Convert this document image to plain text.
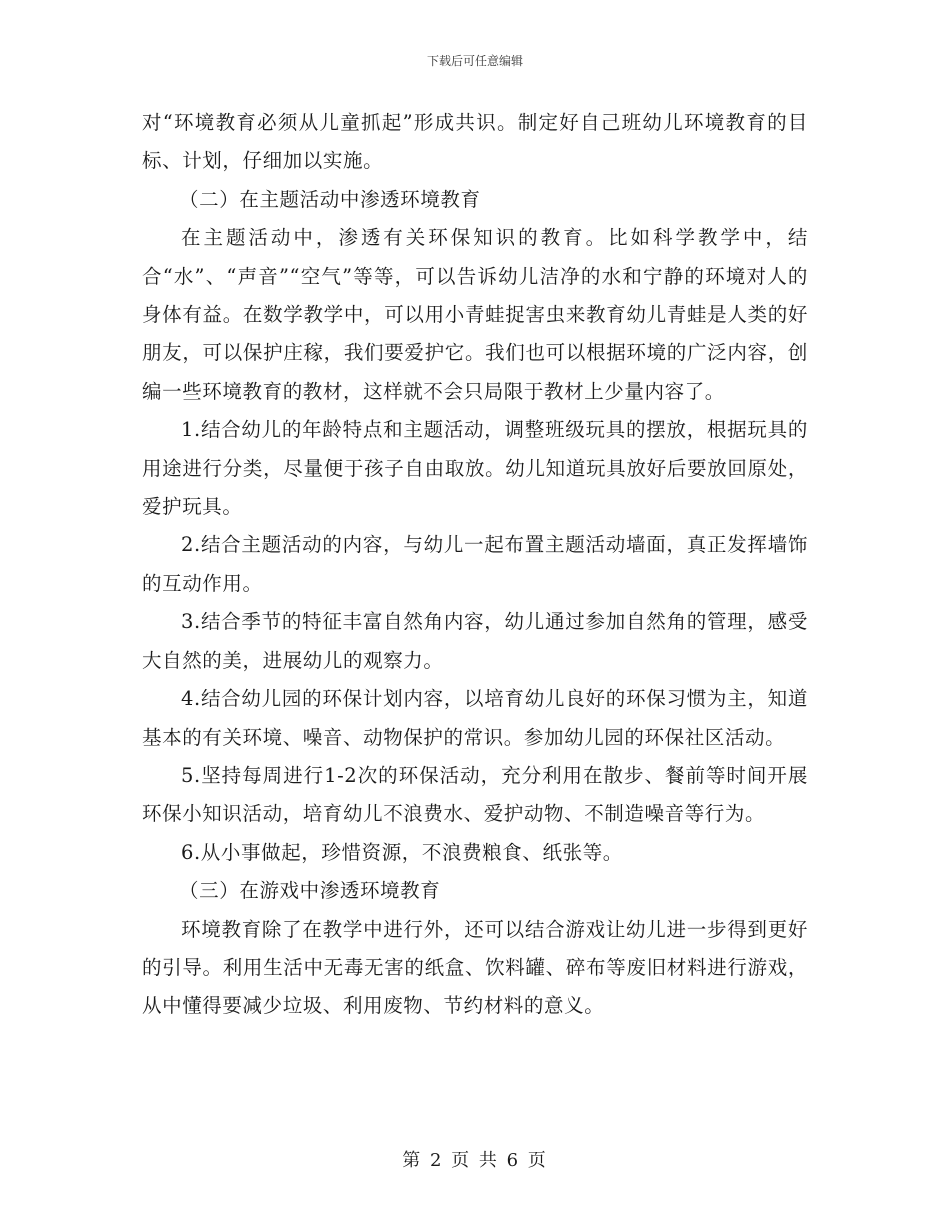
下载后可任意编辑

对“环境教育必须从儿童抓起”形成共识。制定好自己班幼儿环境教育的目标、计划，仔细加以实施。

（二）在主题活动中渗透环境教育

在主题活动中，渗透有关环保知识的教育。比如科学教学中，结合“水”、“声音”“空气”等等，可以告诉幼儿洁净的水和宁静的环境对人的身体有益。在数学教学中，可以用小青蛙捉害虫来教育幼儿青蛙是人类的好朋友，可以保护庄稼，我们要爱护它。我们也可以根据环境的广泛内容，创编一些环境教育的教材，这样就不会只局限于教材上少量内容了。

1.结合幼儿的年龄特点和主题活动，调整班级玩具的摆放，根据玩具的用途进行分类，尽量便于孩子自由取放。幼儿知道玩具放好后要放回原处，爱护玩具。

2.结合主题活动的内容，与幼儿一起布置主题活动墙面，真正发挥墙饰的互动作用。

3.结合季节的特征丰富自然角内容，幼儿通过参加自然角的管理，感受大自然的美，进展幼儿的观察力。

4.结合幼儿园的环保计划内容，以培育幼儿良好的环保习惯为主，知道基本的有关环境、噪音、动物保护的常识。参加幼儿园的环保社区活动。

5.坚持每周进行1-2次的环保活动，充分利用在散步、餐前等时间开展环保小知识活动，培育幼儿不浪费水、爱护动物、不制造噪音等行为。

6.从小事做起，珍惜资源，不浪费粮食、纸张等。

（三）在游戏中渗透环境教育

环境教育除了在教学中进行外，还可以结合游戏让幼儿进一步得到更好的引导。利用生活中无毒无害的纸盒、饮料罐、碎布等废旧材料进行游戏，从中懂得要减少垃圾、利用废物、节约材料的意义。

第 2 页 共 6 页
